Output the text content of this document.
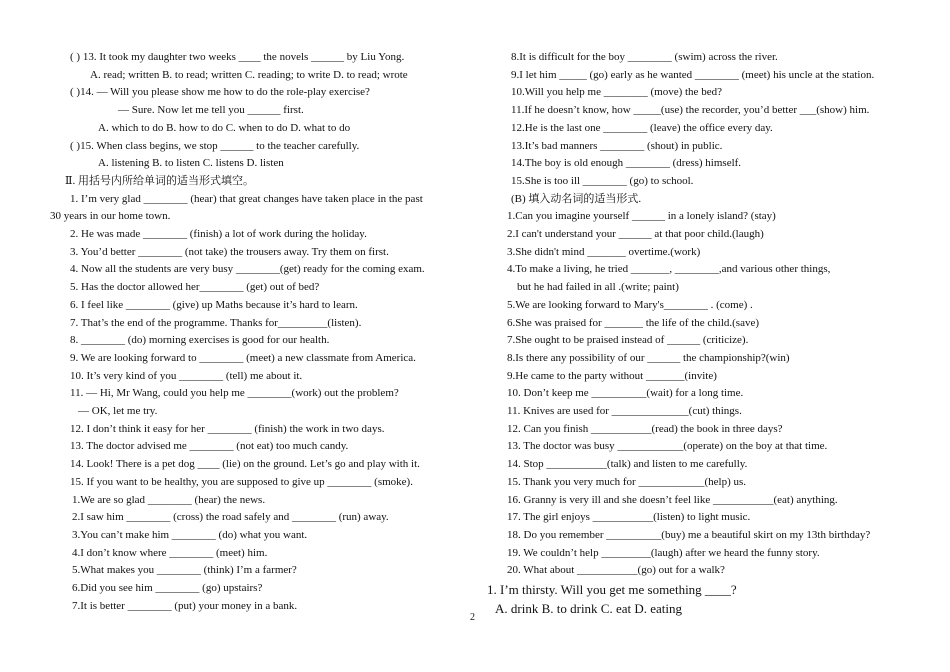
( ) 13. It took my daughter two weeks ____ the novels ______ by Liu Yong.
A. read; written B. to read; written C. reading; to write D. to read; wrote
( )14. — Will you please show me how to do the role-play exercise?
— Sure. Now let me tell you ______ first.
A. which to do B. how to do C. when to do D. what to do
( )15. When class begins, we stop ______ to the teacher carefully.
A. listening B. to listen C. listens D. listen
Ⅱ. 用括号内所给单词的适当形式填空。
1. I’m very glad ________ (hear) that great changes have taken place in the past
30 years in our home town.
2. He was made ________ (finish) a lot of work during the holiday.
3. You’d better ________ (not take) the trousers away. Try them on first.
4. Now all the students are very busy ________(get) ready for the coming exam.
5. Has the doctor allowed her________ (get) out of bed?
6. I feel like ________ (give) up Maths because it’s hard to learn.
7. That’s the end of the programme. Thanks for_________(listen).
8. ________ (do) morning exercises is good for our health.
9. We are looking forward to ________ (meet) a new classmate from America.
10. It’s very kind of you ________ (tell) me about it.
11. — Hi, Mr Wang, could you help me ________(work) out the problem?
— OK, let me try.
12. I don’t think it easy for her ________ (finish) the work in two days.
13. The doctor advised me ________ (not eat) too much candy.
14. Look! There is a pet dog ____ (lie) on the ground. Let’s go and play with it.
15. If you want to be healthy, you are supposed to give up ________ (smoke).
1.We are so glad ________ (hear) the news.
2.I saw him ________ (cross) the road safely and ________ (run) away.
3.You can’t make him ________ (do) what you want.
4.I don’t know where ________ (meet) him.
5.What makes you ________ (think) I’m a farmer?
6.Did you see him ________ (go) upstairs?
7.It is better ________ (put) your money in a bank.
8.It is difficult for the boy ________ (swim) across the river.
9.I let him _____ (go) early as he wanted ________ (meet) his uncle at the station.
10.Will you help me ________ (move) the bed?
11.If he doesn’t know, how _____(use) the recorder, you’d better ___(show) him.
12.He is the last one ________ (leave) the office every day.
13.It’s bad manners ________ (shout) in public.
14.The boy is old enough ________ (dress) himself.
15.She is too ill ________ (go) to school.
(B) 填入动名词的适当形式.
1.Can you imagine yourself ______ in a lonely island? (stay)
2.I can't understand your ______ at that poor child.(laugh)
3.She didn't mind _______ overtime.(work)
4.To make a living, he tried _______, ________,and various other things,
but he had failed in all .(write; paint)
5.We are looking forward to Mary's________ . (come) .
6.She was praised for _______ the life of the child.(save)
7.She ought to be praised instead of ______ (criticize).
8.Is there any possibility of our ______ the championship?(win)
9.He came to the party without _______(invite)
10. Don’t keep me __________(wait) for a long time.
11. Knives are used for ______________(cut) things.
12. Can you finish ___________(read) the book in three days?
13. The doctor was busy ____________(operate) on the boy at that time.
14. Stop ___________(talk) and listen to me carefully.
15. Thank you very much for ____________(help) us.
16. Granny is very ill and she doesn’t feel like ___________(eat) anything.
17. The girl enjoys ___________(listen) to light music.
18. Do you remember __________(buy) me a beautiful skirt on my 13th birthday?
19. We couldn’t help _________(laugh) after we heard the funny story.
20. What about ___________(go) out for a walk?
1. I’m thirsty. Will you get me something ____?
A. drink B. to drink C. eat D. eating
2
